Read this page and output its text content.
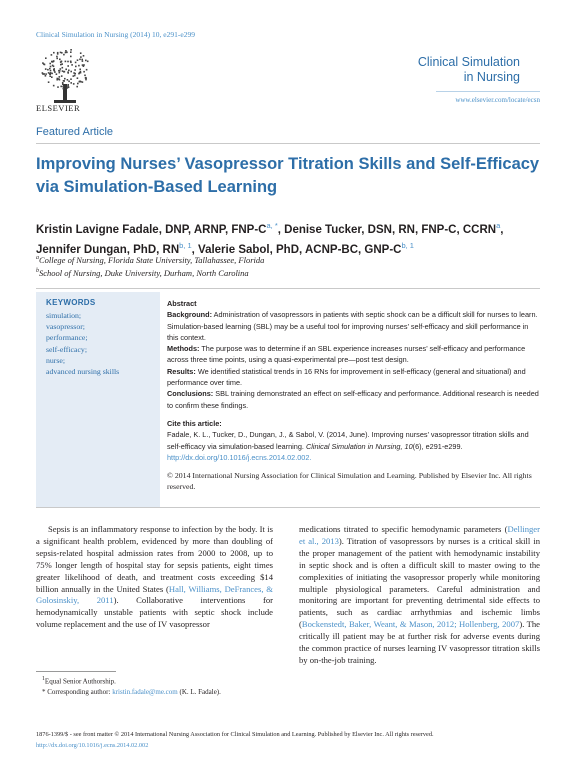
Clinical Simulation in Nursing (2014) 10, e291-e299
ELSEVIER
Clinical Simulation
in Nursing
www.elsevier.com/locate/ecsn
Featured Article
Improving Nurses’ Vasopressor Titration Skills and Self-Efficacy via Simulation-Based Learning
Kristin Lavigne Fadale, DNP, ARNP, FNP-$C^{a, *}$, Denise Tucker, DSN, RN, FNP-C, CCRN$^a$,
Jennifer Dungan, PhD, RN$^{b, 1}$, Valerie Sabol, PhD, ACNP-BC, GNP-$C^{b, 1}$
$^a$College of Nursing, Florida State University, Tallahassee, Florida
$^b$School of Nursing, Duke University, Durham, North Carolina
KEYWORDS
simulation;
vasopressor;
performance;
self-efficacy;
nurse;
advanced nursing skills

Abstract

Background: Administration of vasopressors in patients with septic shock can be a difficult skill for nurses to learn. Simulation-based learning (SBL) may be a useful tool for improving nurses’ self-efficacy and skill performance in this context.

Methods: The purpose was to determine if an SBL experience increases nurses’ self-efficacy and performance across three time points, using a quasi-experimental pre—post test design.

Results: We identified statistical trends in 16 RNs for improvement in self-efficacy (general and situational) and performance over time.

Conclusions: SBL training demonstrated an effect on self-efficacy and performance. Additional research is needed to confirm these findings.

Cite this article:

Fadale, K. L., Tucker, D., Dungan, J., & Sabol, V. (2014, June). Improving nurses’ vasopressor titration skills and self-efficacy via simulation-based learning. Clinical Simulation in Nursing, 10(6), e291-e299. http://dx.doi.org/10.1016/j.ecns.2014.02.002.

© 2014 International Nursing Association for Clinical Simulation and Learning. Published by Elsevier Inc. All rights reserved.

Sepsis is an inflammatory response to infection by the body. It is a significant health problem, evidenced by more than doubling of sepsis-related hospital admission rates from 2000 to 2008, up to 75% longer length of hospital stay for sepsis patients, eight times greater likelihood of death, and treatment costs exceeding $14 billion annually in the United States (Hall, Williams, DeFrances, & Golosinskiy, 2011). Collaborative interventions for hemodynamically unstable patients with septic shock include volume replacement and the use of IV vasopressor

medications titrated to specific hemodynamic parameters (Dellinger et al., 2013). Titration of vasopressors by nurses is a critical skill in the proper management of the patient with hemodynamic instability in septic shock and is often a difficult skill to master owing to the complexities of initiating the vasopressor properly while monitoring multiple physiological parameters. Careful administration and monitoring are important for preventing detrimental side effects to patients, such as cardiac arrhythmias and ischemic limbs (Bockenstedt, Baker, Weant, & Mason, 2012; Hollenberg, 2007). The critically ill patient may be at further risk for adverse events during the common practice of nurses learning IV vasopressor titration skills by on-the-job training.

$^1$Equal Senior Authorship.
* Corresponding author: kristin.fadale@me.com (K. L. Fadale).
1876-1399/$ - see front matter © 2014 International Nursing Association for Clinical Simulation and Learning. Published by Elsevier Inc. All rights reserved.
http://dx.doi.org/10.1016/j.ecns.2014.02.002
